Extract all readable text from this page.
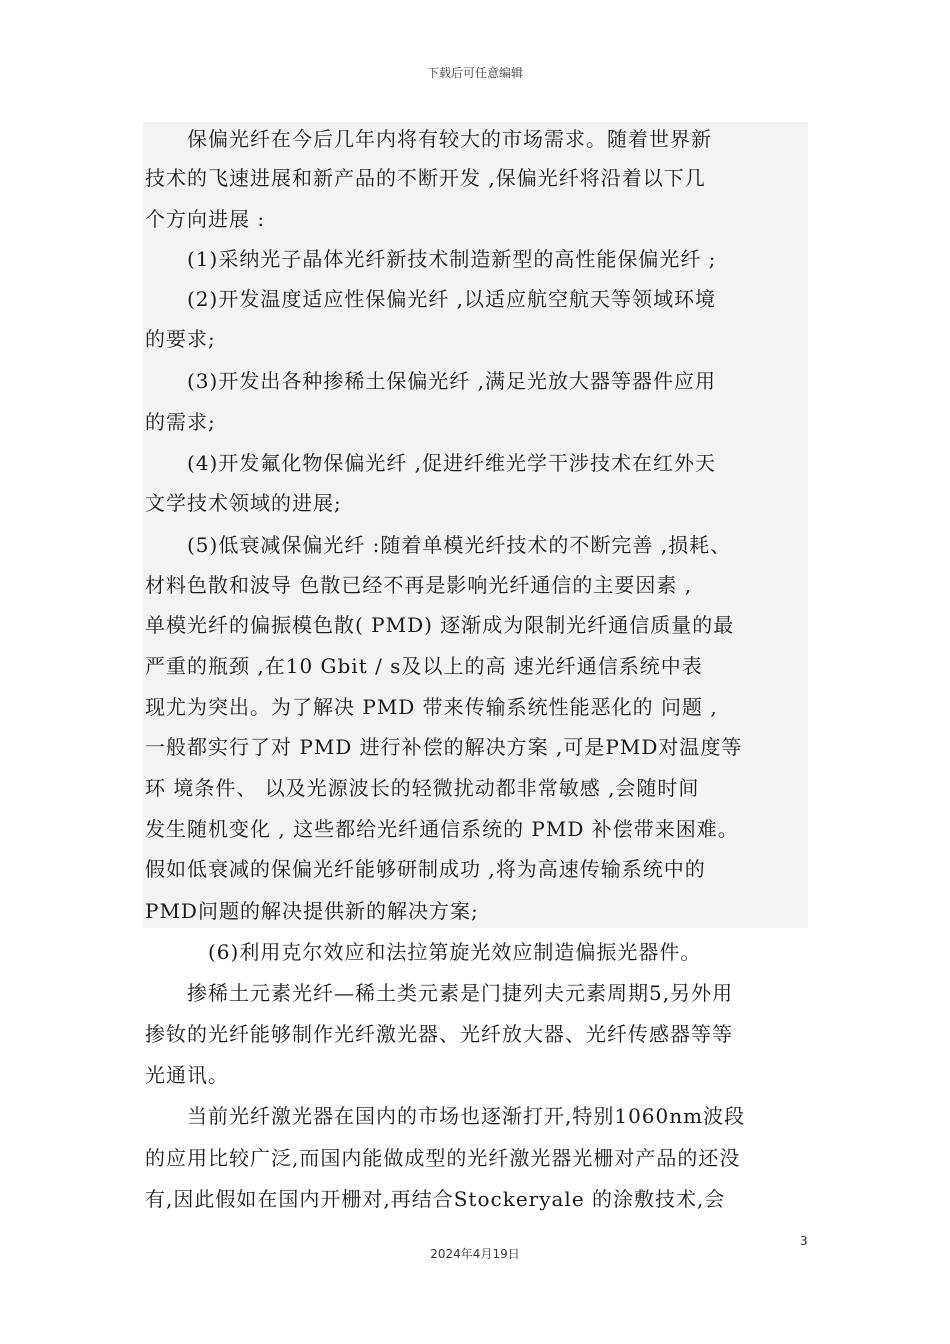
下载后可任意编辑
　　保偏光纤在今后几年内将有较大的市场需求。随着世界新
技术的飞速进展和新产品的不断开发 ,保偏光纤将沿着以下几
个方向进展 :
　　(1)采纳光子晶体光纤新技术制造新型的高性能保偏光纤 ;
　　(2)开发温度适应性保偏光纤 ,以适应航空航天等领域环境
的要求;
　　(3)开发出各种掺稀土保偏光纤 ,满足光放大器等器件应用
的需求;
　　(4)开发氟化物保偏光纤 ,促进纤维光学干涉技术在红外天
文学技术领域的进展;
　　(5)低衰减保偏光纤 :随着单模光纤技术的不断完善 ,损耗、
材料色散和波导 色散已经不再是影响光纤通信的主要因素 ,
单模光纤的偏振模色散( PMD) 逐渐成为限制光纤通信质量的最
严重的瓶颈 ,在10 Gbit / s及以上的高 速光纤通信系统中表
现尤为突出。为了解决 PMD 带来传输系统性能恶化的 问题 ,
一般都实行了对 PMD 进行补偿的解决方案 ,可是PMD对温度等
环 境条件、 以及光源波长的轻微扰动都非常敏感 ,会随时间
发生随机变化 , 这些都给光纤通信系统的 PMD 补偿带来困难。
假如低衰减的保偏光纤能够研制成功 ,将为高速传输系统中的
PMD问题的解决提供新的解决方案;
　　　(6)利用克尔效应和法拉第旋光效应制造偏振光器件。
　　掺稀土元素光纤—稀土类元素是门捷列夫元素周期5,另外用
掺钕的光纤能够制作光纤激光器、光纤放大器、光纤传感器等等
光通讯。
　　当前光纤激光器在国内的市场也逐渐打开,特别1060nm波段
的应用比较广泛,而国内能做成型的光纤激光器光栅对产品的还没
有,因此假如在国内开栅对,再结合Stockeryale 的涂敷技术,会
3
2024年4月19日
